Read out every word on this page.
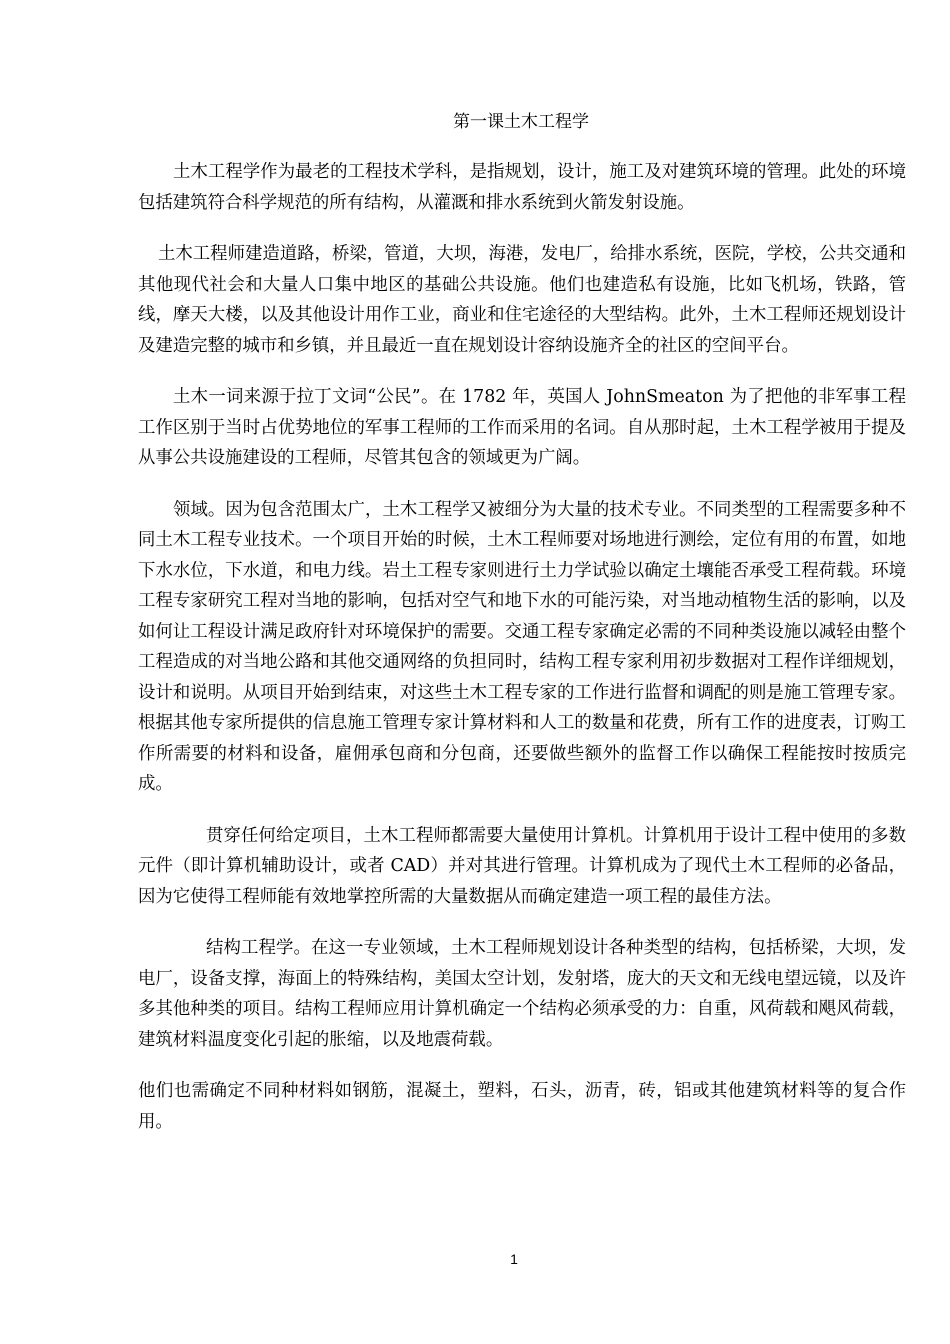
第一课土木工程学

土木工程学作为最老的工程技术学科，是指规划，设计，施工及对建筑环境的管理。此处的环境包括建筑符合科学规范的所有结构，从灌溉和排水系统到火箭发射设施。

土木工程师建造道路，桥梁，管道，大坝，海港，发电厂，给排水系统，医院，学校，公共交通和其他现代社会和大量人口集中地区的基础公共设施。他们也建造私有设施，比如飞机场，铁路，管线，摩天大楼，以及其他设计用作工业，商业和住宅途径的大型结构。此外，土木工程师还规划设计及建造完整的城市和乡镇，并且最近一直在规划设计容纳设施齐全的社区的空间平台。

土木一词来源于拉丁文词“公民”。在 1782 年，英国人 JohnSmeaton 为了把他的非军事工程工作区别于当时占优势地位的军事工程师的工作而采用的名词。自从那时起，土木工程学被用于提及从事公共设施建设的工程师，尽管其包含的领域更为广阔。

领域。因为包含范围太广，土木工程学又被细分为大量的技术专业。不同类型的工程需要多种不同土木工程专业技术。一个项目开始的时候，土木工程师要对场地进行测绘，定位有用的布置，如地下水水位，下水道，和电力线。岩土工程专家则进行土力学试验以确定土壤能否承受工程荷载。环境工程专家研究工程对当地的影响，包括对空气和地下水的可能污染，对当地动植物生活的影响，以及如何让工程设计满足政府针对环境保护的需要。交通工程专家确定必需的不同种类设施以减轻由整个工程造成的对当地公路和其他交通网络的负担同时，结构工程专家利用初步数据对工程作详细规划，设计和说明。从项目开始到结束，对这些土木工程专家的工作进行监督和调配的则是施工管理专家。根据其他专家所提供的信息施工管理专家计算材料和人工的数量和花费，所有工作的进度表，订购工作所需要的材料和设备，雇佣承包商和分包商，还要做些额外的监督工作以确保工程能按时按质完成。

贯穿任何给定项目，土木工程师都需要大量使用计算机。计算机用于设计工程中使用的多数元件（即计算机辅助设计，或者 CAD）并对其进行管理。计算机成为了现代土木工程师的必备品，因为它使得工程师能有效地掌控所需的大量数据从而确定建造一项工程的最佳方法。

结构工程学。在这一专业领域，土木工程师规划设计各种类型的结构，包括桥梁，大坝，发电厂，设备支撑，海面上的特殊结构，美国太空计划，发射塔，庞大的天文和无线电望远镜，以及许多其他种类的项目。结构工程师应用计算机确定一个结构必须承受的力：自重，风荷载和飓风荷载，建筑材料温度变化引起的胀缩，以及地震荷载。

他们也需确定不同种材料如钢筋，混凝土，塑料，石头，沥青，砖，铝或其他建筑材料等的复合作用。

1
